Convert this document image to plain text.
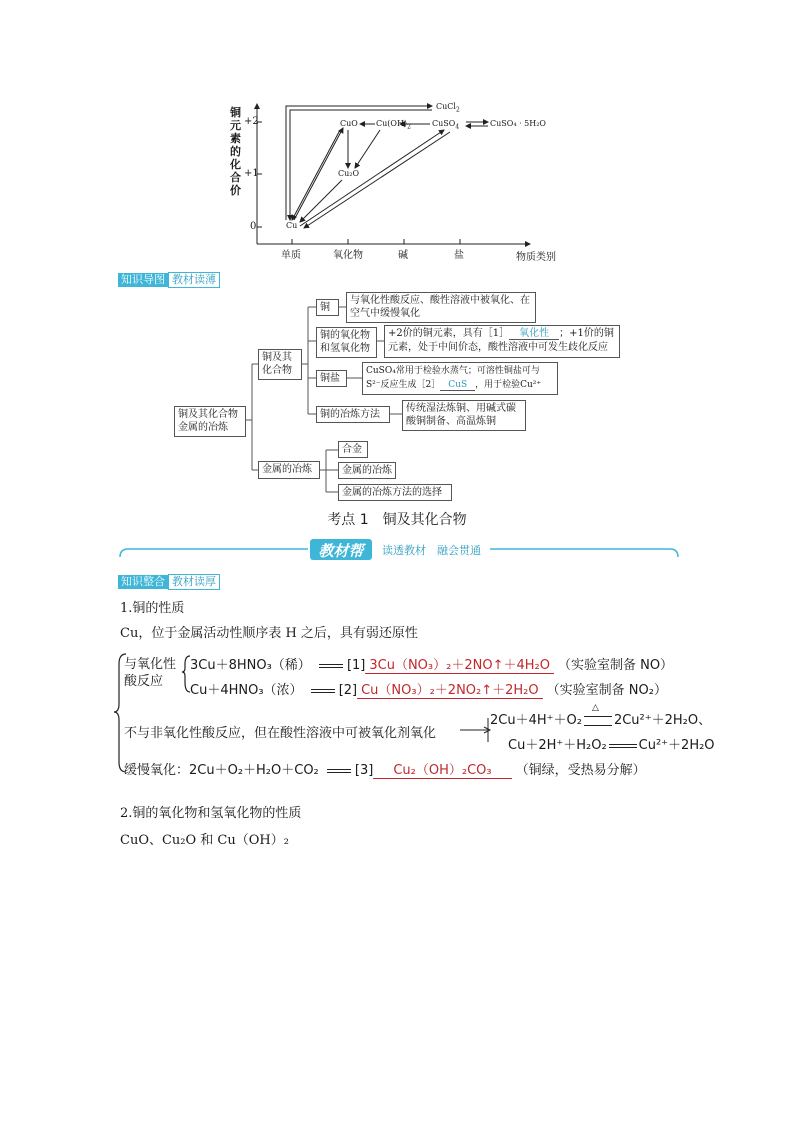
铜元素的化合价
+2
+1
0
单质	氧化物	碱	盐	物质类别
CuCl$_2$
CuO $Cu(OH)_2$	CuSO$_4$	CuSO₄ · 5H₂O
Cu₂O
Cu
知识导图 教材读薄
铜及其化合物金属的冶炼
铜及其化合物
金属的冶炼
铜
与氧化性酸反应、酸性溶液中被氧化、在空气中缓慢氧化
铜的氧化物和氢氧化物
+2价的铜元素，具有［1］ 氧化性 ；+1价的铜元素，处于中间价态，酸性溶液中可发生歧化反应
铜盐
CuSO₄常用于检验水蒸气；可溶性铜盐可与S²⁻反应生成［2］ CuS ，用于检验Cu²⁺
铜的冶炼方法
传统湿法炼铜、用碱式碳酸铜制备、高温炼铜
合金
金属的冶炼
金属的冶炼方法的选择
考点 1　铜及其化合物
教材帮	读透教材　融会贯通
知识整合 教材读厚
1.铜的性质
Cu，位于金属活动性顺序表 H 之后，具有弱还原性
与氧化性酸反应
3Cu＋8HNO₃（稀）	[1] 3Cu（NO₃）₂＋2NO↑＋4H₂O （实验室制备 NO）
Cu＋4HNO₃（浓）	[2] Cu（NO₃）₂＋2NO₂↑＋2H₂O （实验室制备 NO₂）
不与非氧化性酸反应，但在酸性溶液中可被氧化剂氧化
2Cu＋4H⁺＋O₂
△
2Cu²⁺＋2H₂O、
Cu＋2H⁺＋H₂O₂ Cu²⁺＋2H₂O
缓慢氧化：2Cu＋O₂＋H₂O＋CO₂	[3] Cu₂（OH）₂CO₃ （铜绿，受热易分解）
2.铜的氧化物和氢氧化物的性质
CuO、Cu₂O 和 Cu（OH）₂
